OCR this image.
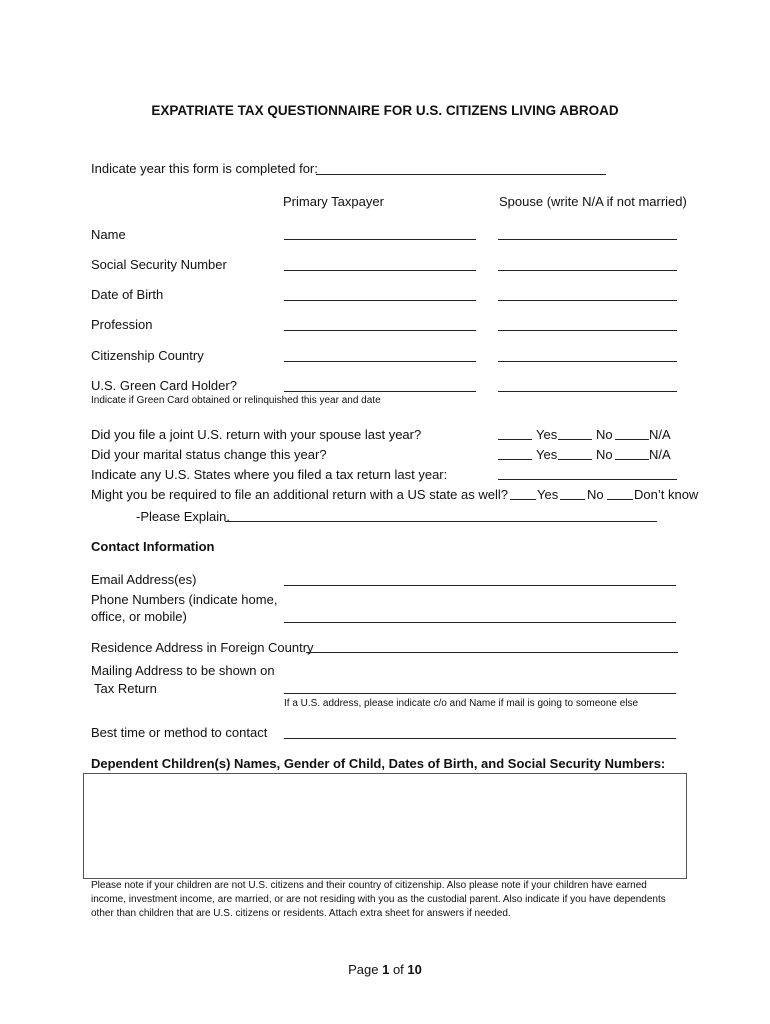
EXPATRIATE TAX QUESTIONNAIRE FOR U.S. CITIZENS LIVING ABROAD
Indicate year this form is completed for:
Primary Taxpayer	Spouse (write N/A if not married)
Name
Social Security Number
Date of Birth
Profession
Citizenship Country
U.S. Green Card Holder?
Indicate if Green Card obtained or relinquished this year and date
Did you file a joint U.S. return with your spouse last year?	Yes	No	N/A
Did your marital status change this year?	Yes	No	N/A
Indicate any U.S. States where you filed a tax return last year:
Might you be required to file an additional return with a US state as well? Yes No Don’t know
-Please Explain.
Contact Information
Email Address(es)
Phone Numbers (indicate home,
office, or mobile)
Residence Address in Foreign Country
Mailing Address to be shown on
Tax Return
If a U.S. address, please indicate c/o and Name if mail is going to someone else
Best time or method to contact
Dependent Children(s) Names, Gender of Child, Dates of Birth, and Social Security Numbers:
Please note if your children are not U.S. citizens and their country of citizenship. Also please note if your children have earned
income, investment income, are married, or are not residing with you as the custodial parent. Also indicate if you have dependents
other than children that are U.S. citizens or residents. Attach extra sheet for answers if needed.
Page 1 of 10
